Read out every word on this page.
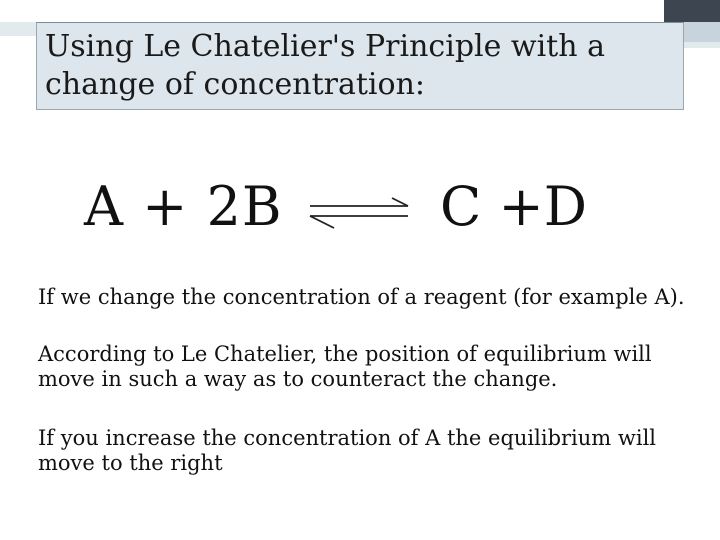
Using Le Chatelier's Principle with a
change of concentration:
A + 2B	C +D

If we change the concentration of a reagent (for example A).

According to Le Chatelier, the position of equilibrium will move in such a way as to counteract the change.

If you increase the concentration of A the equilibrium will move to the right
